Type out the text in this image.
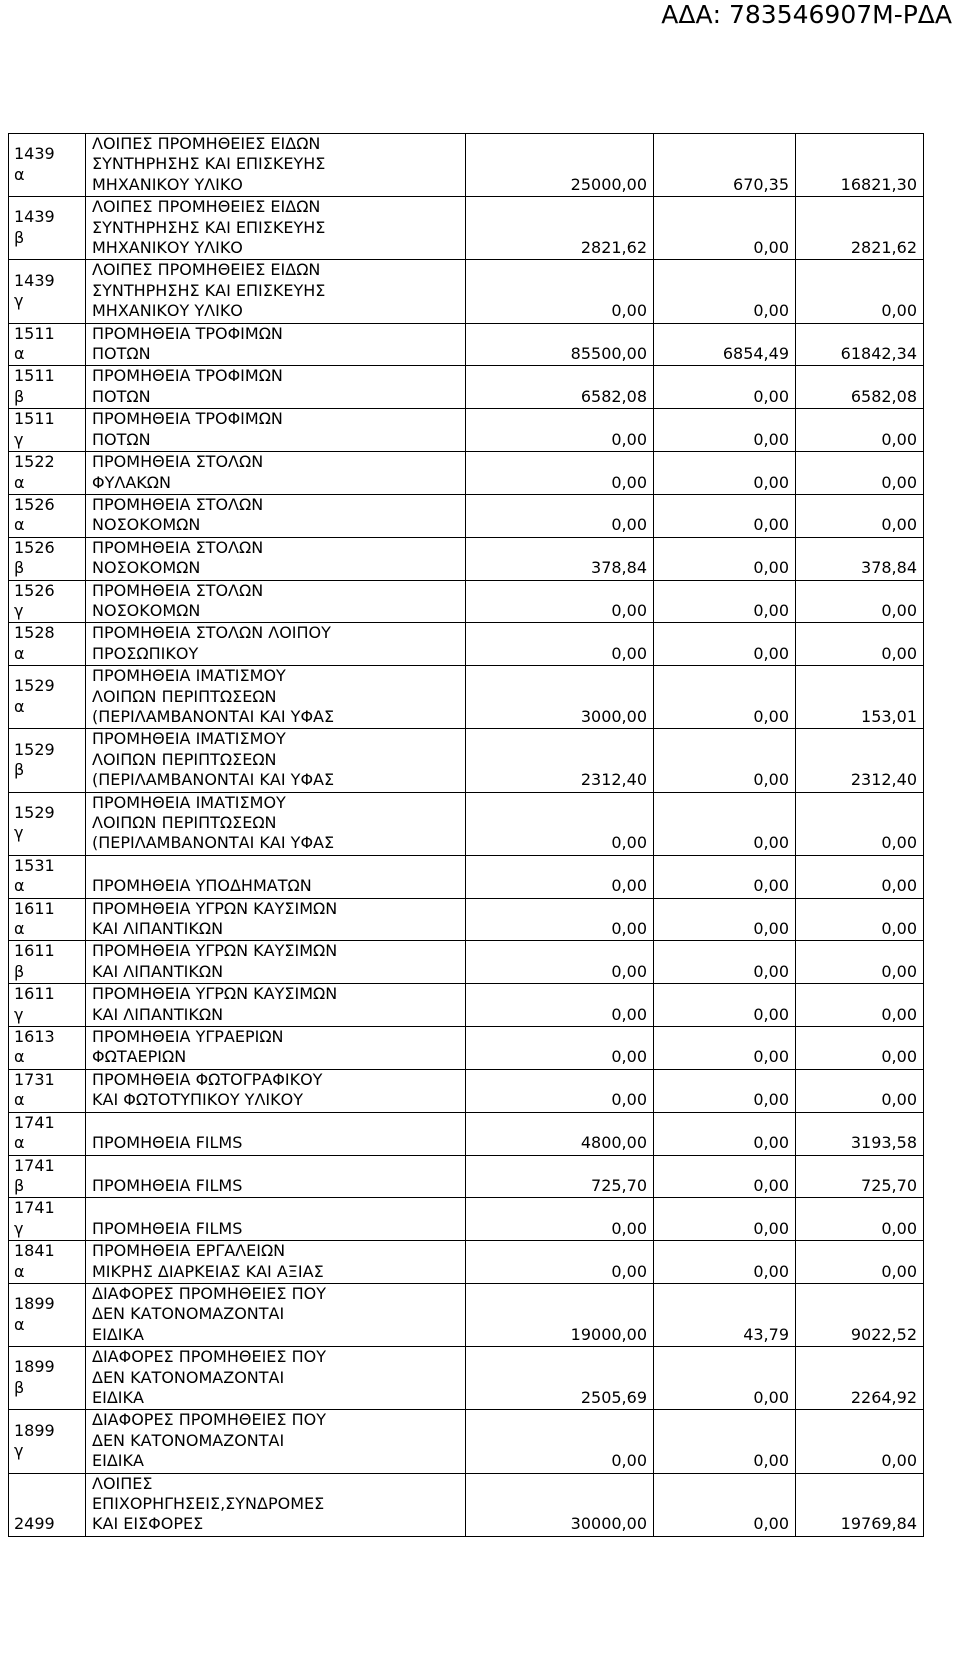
ΑΔΑ: 783546907Μ-ΡΔΑ
1439
α	ΛΟΙΠΕΣ ΠΡΟΜΗΘΕΙΕΣ ΕΙΔΩΝ
ΣΥΝΤΗΡΗΣΗΣ ΚΑΙ ΕΠΙΣΚΕΥΗΣ
ΜΗΧΑΝΙΚΟΥ ΥΛΙΚΟ	25000,00	670,35	16821,30

1439
β	ΛΟΙΠΕΣ ΠΡΟΜΗΘΕΙΕΣ ΕΙΔΩΝ
ΣΥΝΤΗΡΗΣΗΣ ΚΑΙ ΕΠΙΣΚΕΥΗΣ
ΜΗΧΑΝΙΚΟΥ ΥΛΙΚΟ	2821,62	0,00	2821,62

1439
γ	ΛΟΙΠΕΣ ΠΡΟΜΗΘΕΙΕΣ ΕΙΔΩΝ
ΣΥΝΤΗΡΗΣΗΣ ΚΑΙ ΕΠΙΣΚΕΥΗΣ
ΜΗΧΑΝΙΚΟΥ ΥΛΙΚΟ	0,00	0,00	0,00

1511
α	ΠΡΟΜΗΘΕΙΑ ΤΡΟΦΙΜΩΝ
ΠΟΤΩΝ	85500,00	6854,49	61842,34

1511
β	ΠΡΟΜΗΘΕΙΑ ΤΡΟΦΙΜΩΝ
ΠΟΤΩΝ	6582,08	0,00	6582,08

1511
γ	ΠΡΟΜΗΘΕΙΑ ΤΡΟΦΙΜΩΝ
ΠΟΤΩΝ	0,00	0,00	0,00

1522
α	ΠΡΟΜΗΘΕΙΑ ΣΤΟΛΩΝ
ΦΥΛΑΚΩΝ	0,00	0,00	0,00

1526
α	ΠΡΟΜΗΘΕΙΑ ΣΤΟΛΩΝ
ΝΟΣΟΚΟΜΩΝ	0,00	0,00	0,00

1526
β	ΠΡΟΜΗΘΕΙΑ ΣΤΟΛΩΝ
ΝΟΣΟΚΟΜΩΝ	378,84	0,00	378,84

1526
γ	ΠΡΟΜΗΘΕΙΑ ΣΤΟΛΩΝ
ΝΟΣΟΚΟΜΩΝ	0,00	0,00	0,00

1528
α	ΠΡΟΜΗΘΕΙΑ ΣΤΟΛΩΝ ΛΟΙΠΟΥ
ΠΡΟΣΩΠΙΚΟΥ	0,00	0,00	0,00

1529
α	ΠΡΟΜΗΘΕΙΑ ΙΜΑΤΙΣΜΟΥ
ΛΟΙΠΩΝ ΠΕΡΙΠΤΩΣΕΩΝ
(ΠΕΡΙΛΑΜΒΑΝΟΝΤΑΙ ΚΑΙ ΥΦΑΣ	3000,00	0,00	153,01

1529
β	ΠΡΟΜΗΘΕΙΑ ΙΜΑΤΙΣΜΟΥ
ΛΟΙΠΩΝ ΠΕΡΙΠΤΩΣΕΩΝ
(ΠΕΡΙΛΑΜΒΑΝΟΝΤΑΙ ΚΑΙ ΥΦΑΣ	2312,40	0,00	2312,40

1529
γ	ΠΡΟΜΗΘΕΙΑ ΙΜΑΤΙΣΜΟΥ
ΛΟΙΠΩΝ ΠΕΡΙΠΤΩΣΕΩΝ
(ΠΕΡΙΛΑΜΒΑΝΟΝΤΑΙ ΚΑΙ ΥΦΑΣ	0,00	0,00	0,00

1531
α	ΠΡΟΜΗΘΕΙΑ ΥΠΟΔΗΜΑΤΩΝ	0,00	0,00	0,00

1611
α	ΠΡΟΜΗΘΕΙΑ ΥΓΡΩΝ ΚΑΥΣΙΜΩΝ
ΚΑΙ ΛΙΠΑΝΤΙΚΩΝ	0,00	0,00	0,00

1611
β	ΠΡΟΜΗΘΕΙΑ ΥΓΡΩΝ ΚΑΥΣΙΜΩΝ
ΚΑΙ ΛΙΠΑΝΤΙΚΩΝ	0,00	0,00	0,00

1611
γ	ΠΡΟΜΗΘΕΙΑ ΥΓΡΩΝ ΚΑΥΣΙΜΩΝ
ΚΑΙ ΛΙΠΑΝΤΙΚΩΝ	0,00	0,00	0,00

1613
α	ΠΡΟΜΗΘΕΙΑ ΥΓΡΑΕΡΙΩΝ
ΦΩΤΑΕΡΙΩΝ	0,00	0,00	0,00

1731
α	ΠΡΟΜΗΘΕΙΑ ΦΩΤΟΓΡΑΦΙΚΟΥ
ΚΑΙ ΦΩΤΟΤΥΠΙΚΟΥ ΥΛΙΚΟΥ	0,00	0,00	0,00

1741
α	ΠΡΟΜΗΘΕΙΑ FILMS	4800,00	0,00	3193,58

1741
β	ΠΡΟΜΗΘΕΙΑ FILMS	725,70	0,00	725,70

1741
γ	ΠΡΟΜΗΘΕΙΑ FILMS	0,00	0,00	0,00

1841
α	ΠΡΟΜΗΘΕΙΑ ΕΡΓΑΛΕΙΩΝ
ΜΙΚΡΗΣ ΔΙΑΡΚΕΙΑΣ ΚΑΙ ΑΞΙΑΣ	0,00	0,00	0,00

1899
α	ΔΙΑΦΟΡΕΣ ΠΡΟΜΗΘΕΙΕΣ ΠΟΥ
ΔΕΝ ΚΑΤΟΝΟΜΑΖΟΝΤΑΙ
ΕΙΔΙΚΑ	19000,00	43,79	9022,52

1899
β	ΔΙΑΦΟΡΕΣ ΠΡΟΜΗΘΕΙΕΣ ΠΟΥ
ΔΕΝ ΚΑΤΟΝΟΜΑΖΟΝΤΑΙ
ΕΙΔΙΚΑ	2505,69	0,00	2264,92

1899
γ	ΔΙΑΦΟΡΕΣ ΠΡΟΜΗΘΕΙΕΣ ΠΟΥ
ΔΕΝ ΚΑΤΟΝΟΜΑΖΟΝΤΑΙ
ΕΙΔΙΚΑ	0,00	0,00	0,00

2499	ΛΟΙΠΕΣ
ΕΠΙΧΟΡΗΓΗΣΕΙΣ,ΣΥΝΔΡΟΜΕΣ
ΚΑΙ ΕΙΣΦΟΡΕΣ	30000,00	0,00	19769,84
